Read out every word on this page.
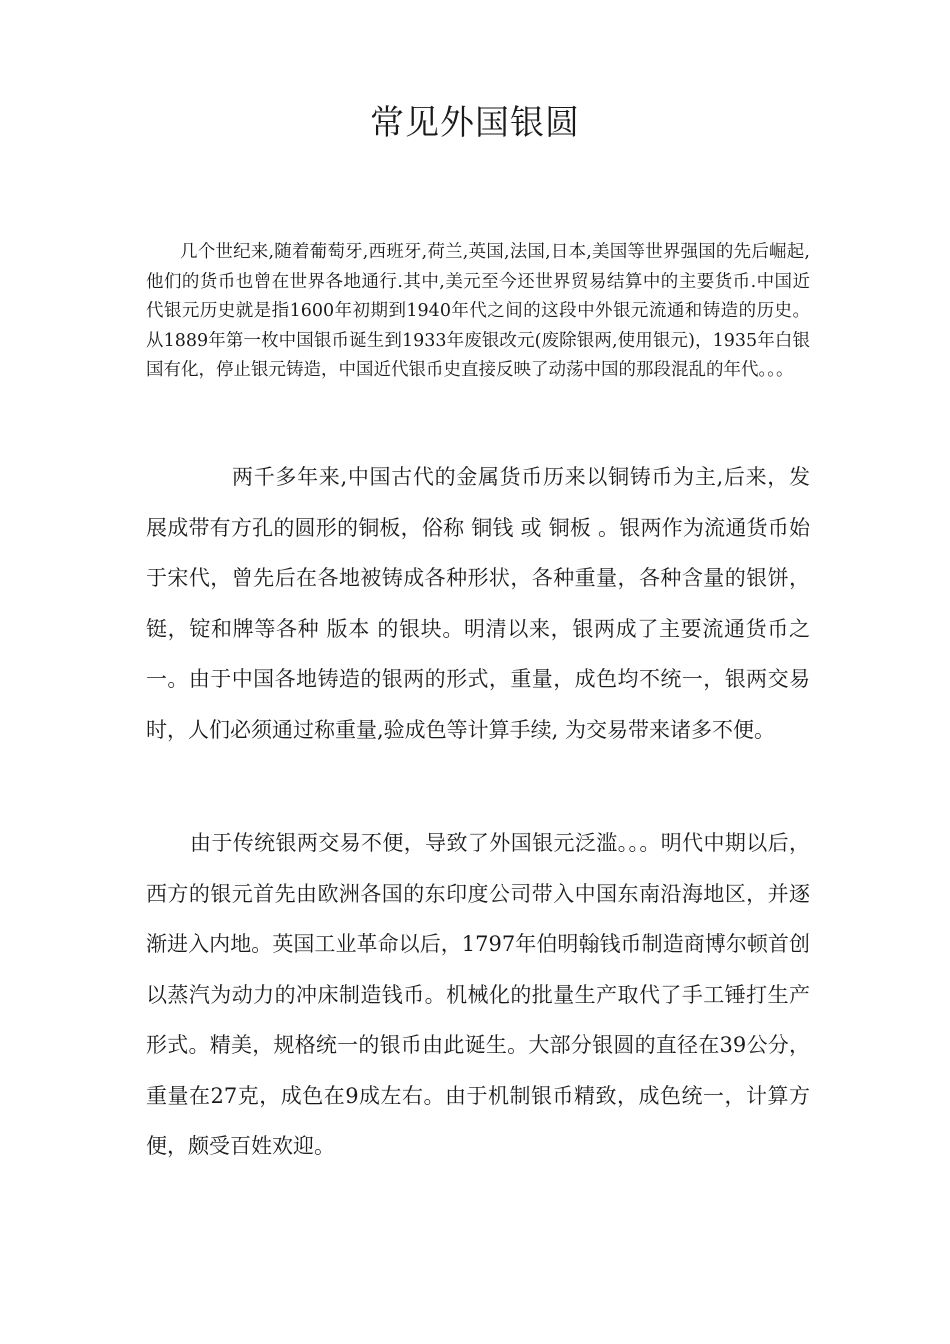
常见外国银圆

几个世纪来,随着葡萄牙,西班牙,荷兰,英国,法国,日本,美国等世界强国的先后崛起,他们的货币也曾在世界各地通行.其中,美元至今还世界贸易结算中的主要货币.中国近代银元历史就是指1600年初期到1940年代之间的这段中外银元流通和铸造的历史。从1889年第一枚中国银币诞生到1933年废银改元(废除银两,使用银元)，1935年白银国有化，停止银元铸造，中国近代银币史直接反映了动荡中国的那段混乱的年代。。。

两千多年来,中国古代的金属货币历来以铜铸币为主,后来，发展成带有方孔的圆形的铜板，俗称 铜钱 或 铜板 。银两作为流通货币始于宋代，曾先后在各地被铸成各种形状，各种重量，各种含量的银饼，铤，锭和牌等各种 版本 的银块。明清以来，银两成了主要流通货币之一。由于中国各地铸造的银两的形式，重量，成色均不统一，银两交易时，人们必须通过称重量,验成色等计算手续, 为交易带来诸多不便。

由于传统银两交易不便，导致了外国银元泛滥。。。明代中期以后，西方的银元首先由欧洲各国的东印度公司带入中国东南沿海地区，并逐渐进入内地。英国工业革命以后，1797年伯明翰钱币制造商博尔顿首创以蒸汽为动力的冲床制造钱币。机械化的批量生产取代了手工锤打生产形式。精美，规格统一的银币由此诞生。大部分银圆的直径在39公分，重量在27克，成色在9成左右。由于机制银币精致，成色统一，计算方便，颇受百姓欢迎。
